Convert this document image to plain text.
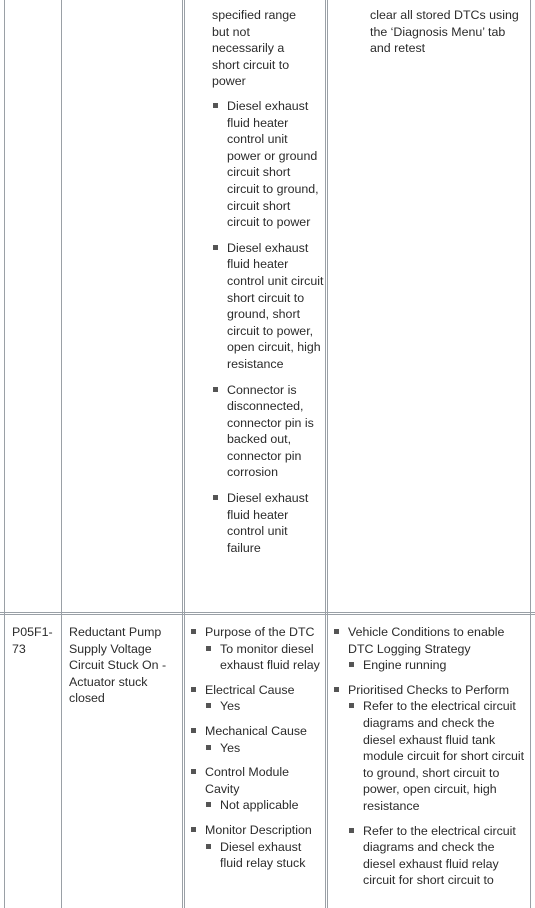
specified range
but not
necessarily a
short circuit to
power
Diesel exhaust fluid heater control unit power or ground circuit short circuit to ground, circuit short circuit to power
Diesel exhaust fluid heater control unit circuit short circuit to ground, short circuit to power, open circuit, high resistance
Connector is disconnected, connector pin is backed out, connector pin corrosion
Diesel exhaust fluid heater control unit failure
clear all stored DTCs using the ‘Diagnosis Menu’ tab and retest
P05F1-73
Reductant Pump Supply Voltage Circuit Stuck On - Actuator stuck closed
Purpose of the DTC
To monitor diesel exhaust fluid relay
Electrical Cause
Yes
Mechanical Cause
Yes
Control Module Cavity
Not applicable
Monitor Description
Diesel exhaust fluid relay stuck
Vehicle Conditions to enable DTC Logging Strategy
Engine running
Prioritised Checks to Perform
Refer to the electrical circuit diagrams and check the diesel exhaust fluid tank module circuit for short circuit to ground, short circuit to power, open circuit, high resistance
Refer to the electrical circuit diagrams and check the diesel exhaust fluid relay circuit for short circuit to
